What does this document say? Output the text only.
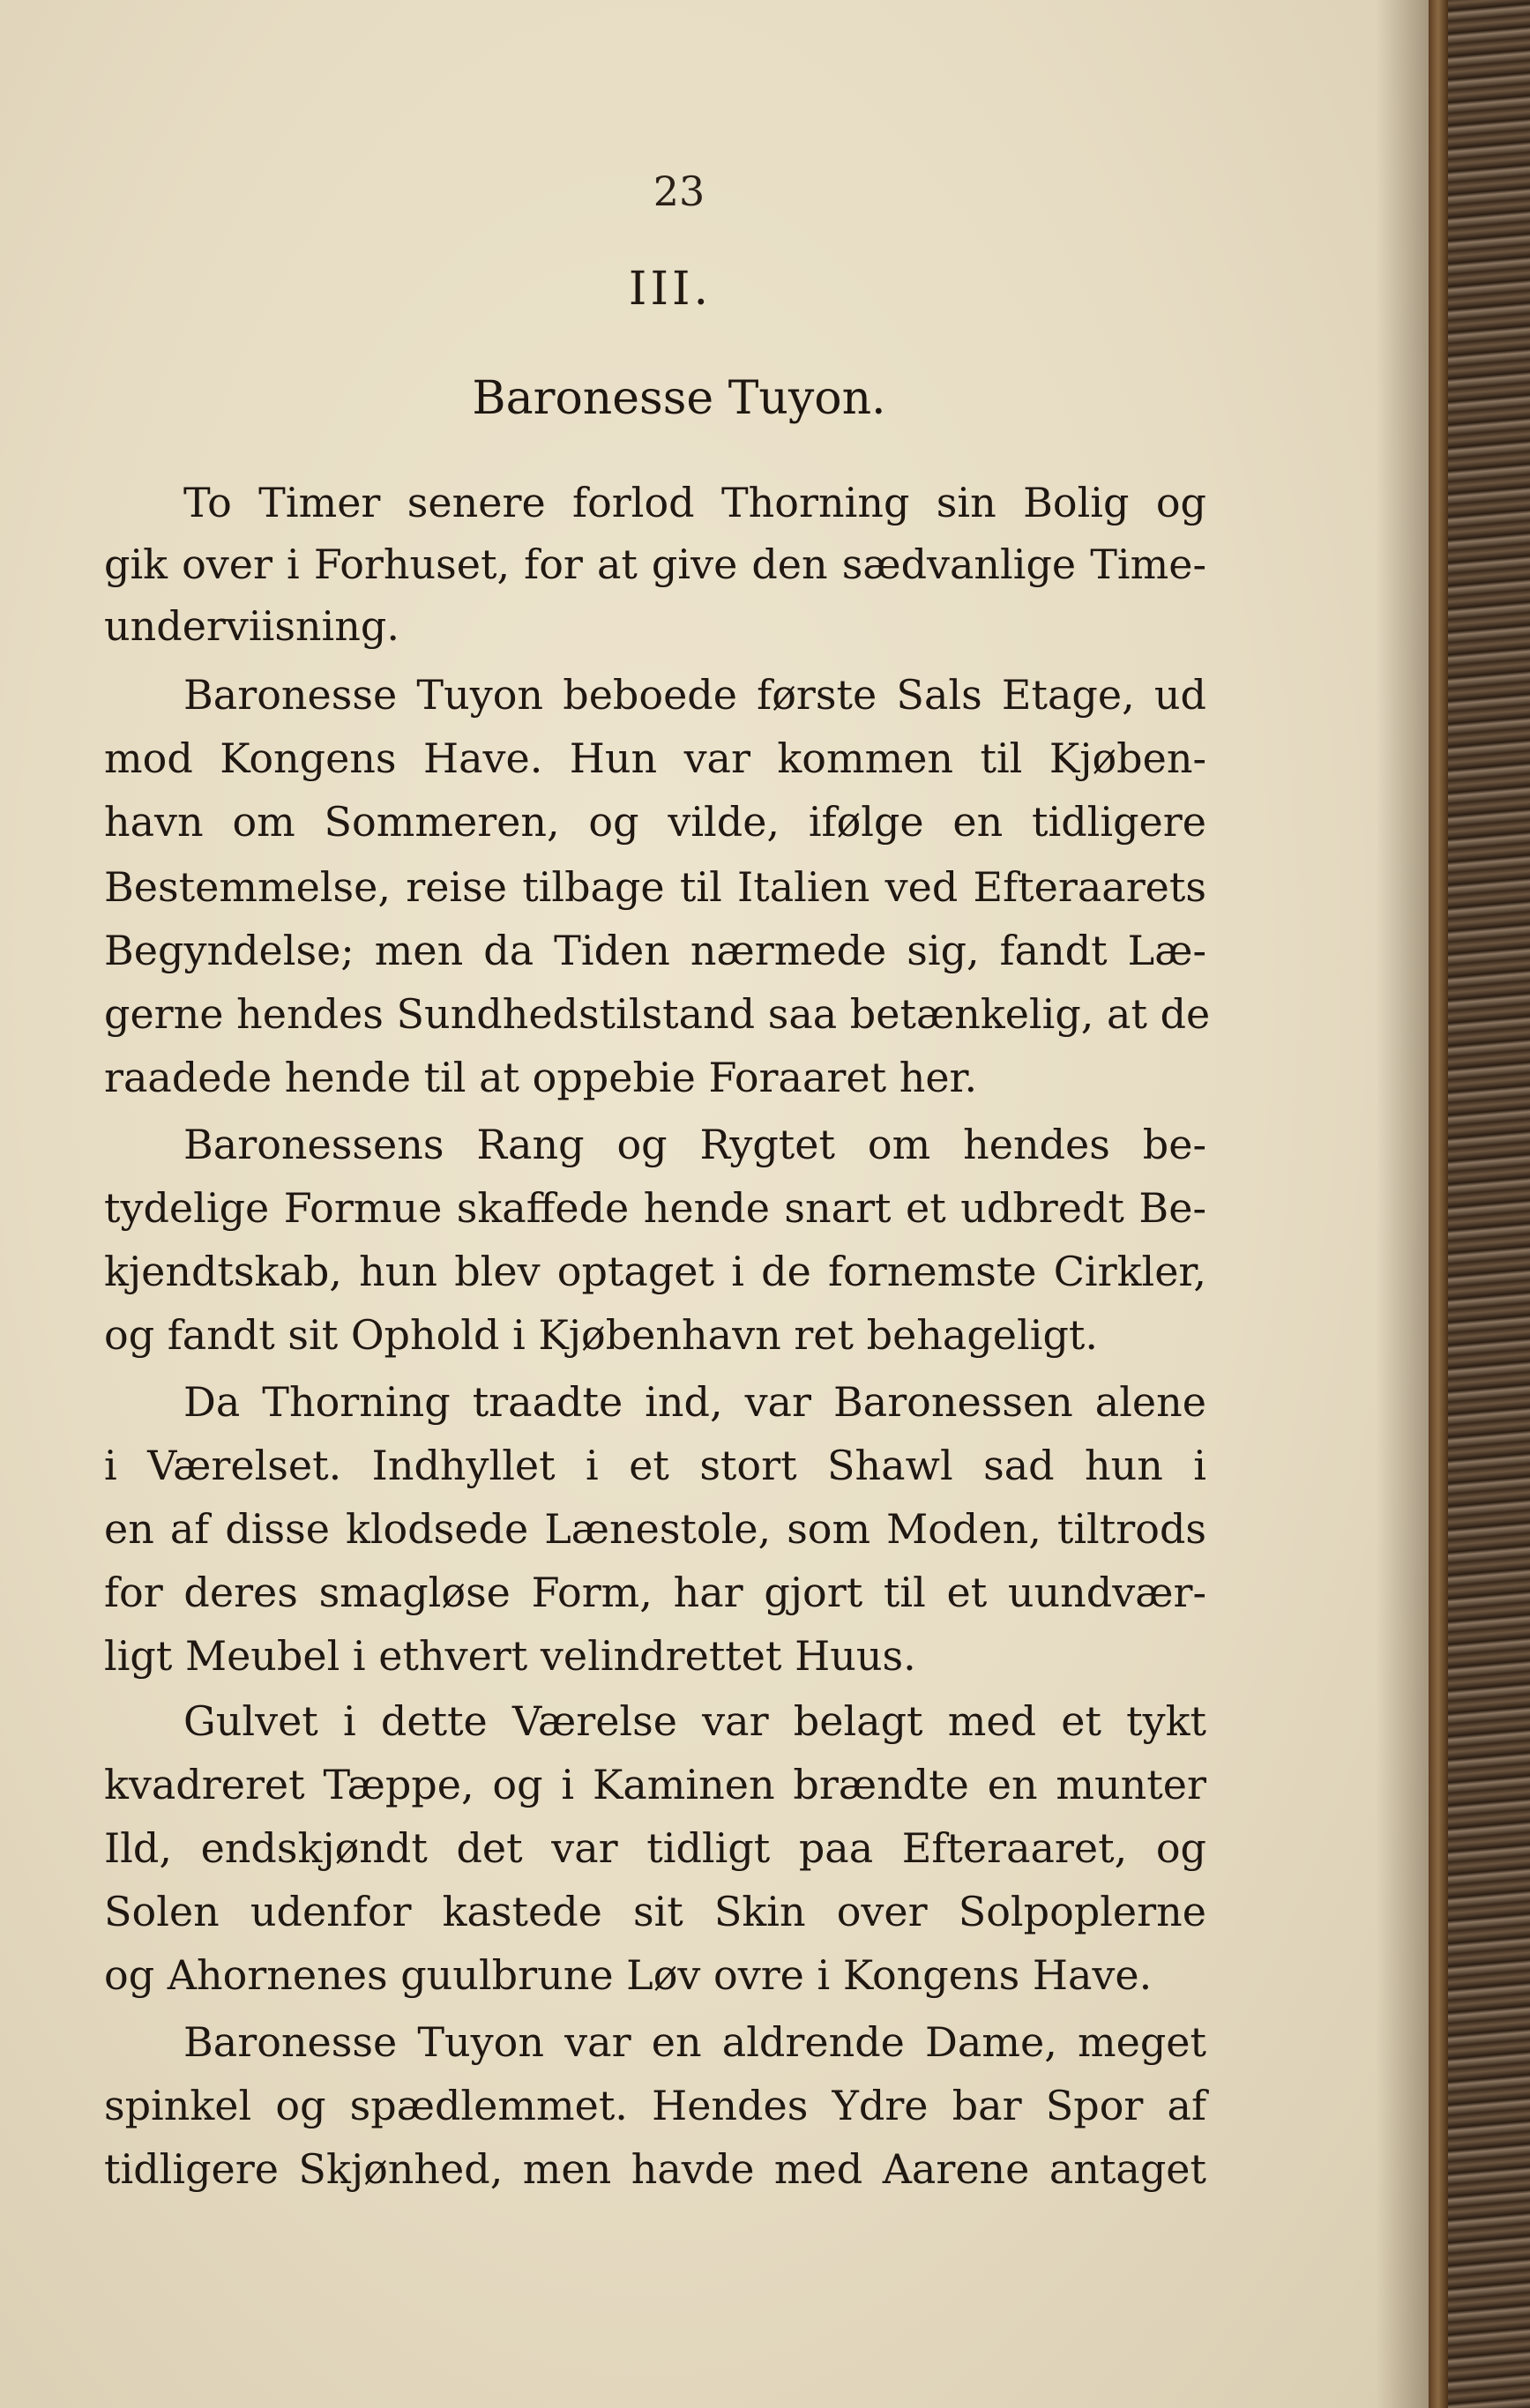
23
III.
Baronesse Tuyon.
To Timer senere forlod Thorning sin Bolig og
gik over i Forhuset, for at give den sædvanlige Time-
underviisning.
Baronesse Tuyon beboede første Sals Etage, ud
mod Kongens Have. Hun var kommen til Kjøben-
havn om Sommeren, og vilde, ifølge en tidligere
Bestemmelse, reise tilbage til Italien ved Efteraarets
Begyndelse; men da Tiden nærmede sig, fandt Læ-
gerne hendes Sundhedstilstand saa betænkelig, at de
raadede hende til at oppebie Foraaret her.
Baronessens Rang og Rygtet om hendes be-
tydelige Formue skaffede hende snart et udbredt Be-
kjendtskab, hun blev optaget i de fornemste Cirkler,
og fandt sit Ophold i Kjøbenhavn ret behageligt.
Da Thorning traadte ind, var Baronessen alene
i Værelset. Indhyllet i et stort Shawl sad hun i
en af disse klodsede Lænestole, som Moden, tiltrods
for deres smagløse Form, har gjort til et uundvær-
ligt Meubel i ethvert velindrettet Huus.
Gulvet i dette Værelse var belagt med et tykt
kvadreret Tæppe, og i Kaminen brændte en munter
Ild, endskjøndt det var tidligt paa Efteraaret, og
Solen udenfor kastede sit Skin over Solpoplerne
og Ahornenes guulbrune Løv ovre i Kongens Have.
Baronesse Tuyon var en aldrende Dame, meget
spinkel og spædlemmet. Hendes Ydre bar Spor af
tidligere Skjønhed, men havde med Aarene antaget
